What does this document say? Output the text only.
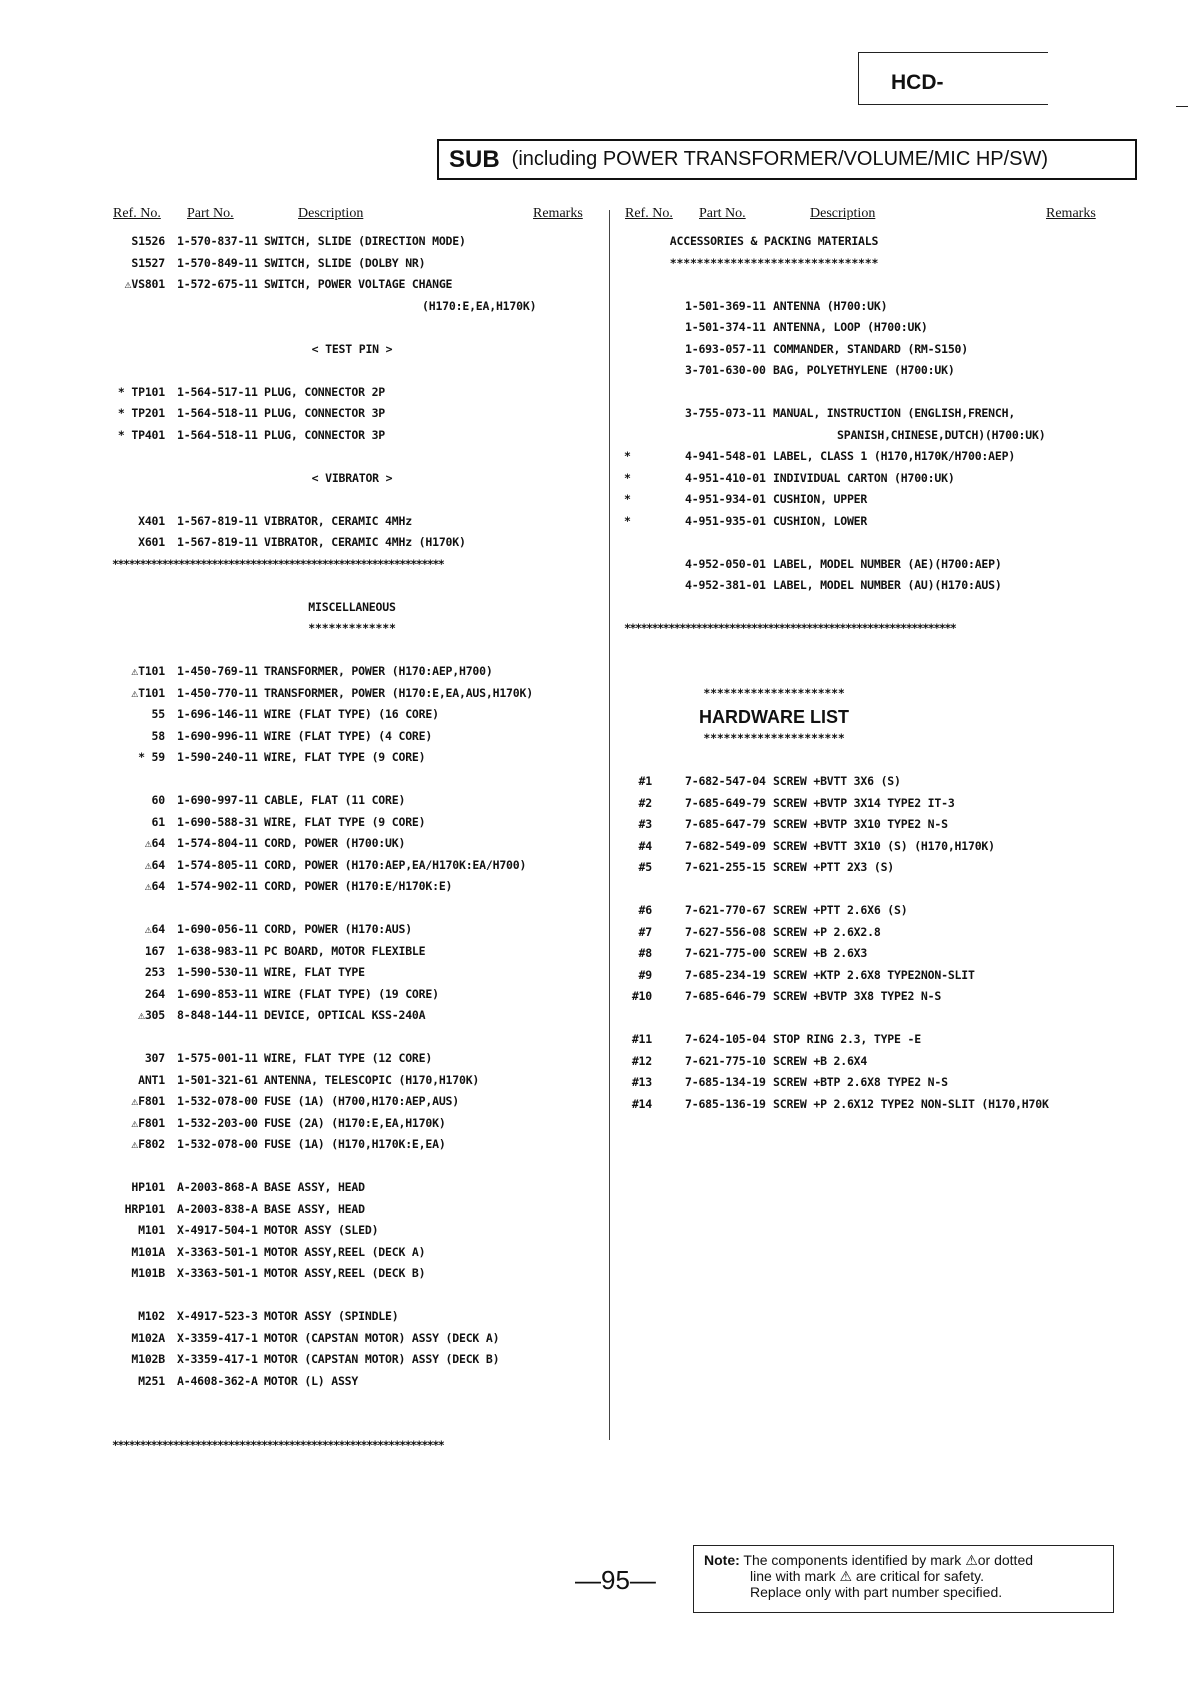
HCD-
SUB (including POWER TRANSFORMER/VOLUME/MIC HP/SW)
Ref. No. Part No.	Description	Remarks
S1526 1-570-837-11 SWITCH, SLIDE (DIRECTION MODE)
S1527 1-570-849-11 SWITCH, SLIDE (DOLBY NR)
⚠VS801 1-572-675-11 SWITCH, POWER VOLTAGE CHANGE
(H170:E,EA,H170K)
< TEST PIN >
* TP101 1-564-517-11 PLUG, CONNECTOR 2P
* TP201 1-564-518-11 PLUG, CONNECTOR 3P
* TP401 1-564-518-11 PLUG, CONNECTOR 3P
< VIBRATOR >
X401 1-567-819-11 VIBRATOR, CERAMIC 4MHz
X601 1-567-819-11 VIBRATOR, CERAMIC 4MHz (H170K)
************************************************************
MISCELLANEOUS
*************
⚠T101 1-450-769-11 TRANSFORMER, POWER (H170:AEP,H700)
⚠T101 1-450-770-11 TRANSFORMER, POWER (H170:E,EA,AUS,H170K)
55 1-696-146-11 WIRE (FLAT TYPE) (16 CORE)
58 1-690-996-11 WIRE (FLAT TYPE) (4 CORE)
* 59 1-590-240-11 WIRE, FLAT TYPE (9 CORE)
60 1-690-997-11 CABLE, FLAT (11 CORE)
61 1-690-588-31 WIRE, FLAT TYPE (9 CORE)
⚠64 1-574-804-11 CORD, POWER (H700:UK)
⚠64 1-574-805-11 CORD, POWER (H170:AEP,EA/H170K:EA/H700)
⚠64 1-574-902-11 CORD, POWER (H170:E/H170K:E)
⚠64 1-690-056-11 CORD, POWER (H170:AUS)
167 1-638-983-11 PC BOARD, MOTOR FLEXIBLE
253 1-590-530-11 WIRE, FLAT TYPE
264 1-690-853-11 WIRE (FLAT TYPE) (19 CORE)
⚠305 8-848-144-11 DEVICE, OPTICAL KSS-240A
307 1-575-001-11 WIRE, FLAT TYPE (12 CORE)
ANT1 1-501-321-61 ANTENNA, TELESCOPIC (H170,H170K)
⚠F801 1-532-078-00 FUSE (1A) (H700,H170:AEP,AUS)
⚠F801 1-532-203-00 FUSE (2A) (H170:E,EA,H170K)
⚠F802 1-532-078-00 FUSE (1A) (H170,H170K:E,EA)
HP101 A-2003-868-A BASE ASSY, HEAD
HRP101 A-2003-838-A BASE ASSY, HEAD
M101 X-4917-504-1 MOTOR ASSY (SLED)
M101A X-3363-501-1 MOTOR ASSY,REEL (DECK A)
M101B X-3363-501-1 MOTOR ASSY,REEL (DECK B)
M102 X-4917-523-3 MOTOR ASSY (SPINDLE)
M102A X-3359-417-1 MOTOR (CAPSTAN MOTOR) ASSY (DECK A)
M102B X-3359-417-1 MOTOR (CAPSTAN MOTOR) ASSY (DECK B)
M251 A-4608-362-A MOTOR (L) ASSY
************************************************************
Ref. No. Part No.	Description	Remarks
ACCESSORIES & PACKING MATERIALS
*******************************
1-501-369-11 ANTENNA (H700:UK)
1-501-374-11 ANTENNA, LOOP (H700:UK)
1-693-057-11 COMMANDER, STANDARD (RM-S150)
3-701-630-00 BAG, POLYETHYLENE (H700:UK)
3-755-073-11 MANUAL, INSTRUCTION (ENGLISH,FRENCH,
SPANISH,CHINESE,DUTCH)(H700:UK)
*	4-941-548-01 LABEL, CLASS 1 (H170,H170K/H700:AEP)
*	4-951-410-01 INDIVIDUAL CARTON (H700:UK)
*	4-951-934-01 CUSHION, UPPER
*	4-951-935-01 CUSHION, LOWER
4-952-050-01 LABEL, MODEL NUMBER (AE)(H700:AEP)
4-952-381-01 LABEL, MODEL NUMBER (AU)(H170:AUS)
************************************************************
*********************
HARDWARE LIST
*********************
#1	7-682-547-04 SCREW +BVTT 3X6 (S)
#2	7-685-649-79 SCREW +BVTP 3X14 TYPE2 IT-3
#3	7-685-647-79 SCREW +BVTP 3X10 TYPE2 N-S
#4	7-682-549-09 SCREW +BVTT 3X10 (S) (H170,H170K)
#5	7-621-255-15 SCREW +PTT 2X3 (S)
#6	7-621-770-67 SCREW +PTT 2.6X6 (S)
#7	7-627-556-08 SCREW +P 2.6X2.8
#8	7-621-775-00 SCREW +B 2.6X3
#9	7-685-234-19 SCREW +KTP 2.6X8 TYPE2NON-SLIT
#10	7-685-646-79 SCREW +BVTP 3X8 TYPE2 N-S
#11	7-624-105-04 STOP RING 2.3, TYPE -E
#12	7-621-775-10 SCREW +B 2.6X4
#13	7-685-134-19 SCREW +BTP 2.6X8 TYPE2 N-S
#14	7-685-136-19 SCREW +P 2.6X12 TYPE2 NON-SLIT (H170,H70K
—95—
Note: The components identified by mark ⚠or dotted
line with mark ⚠ are critical for safety.
Replace only with part number specified.
